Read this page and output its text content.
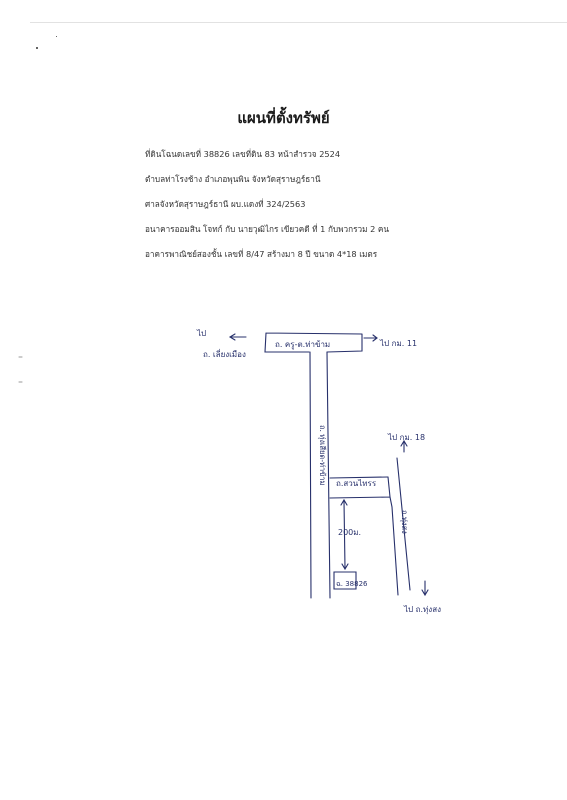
แผนที่ตั้งทรัพย์
ที่ดินโฉนดเลขที่ 38826 เลขที่ดิน 83 หน้าสำรวจ 2524
ตำบลท่าโรงช้าง อำเภอพุนพิน จังหวัดสุราษฎร์ธานี
ศาลจังหวัดสุราษฎร์ธานี ผบ.แดงที่ 324/2563
อนาคารออมสิน โจทก์ กับ นายวุฒิไกร เขียวคดี ที่ 1 กับพวกรวม 2 คน
อาคารพาณิชย์สองชั้น เลขที่ 8/47 สร้างมา 8 ปี ขนาด 4*18 เมตร
ไป
ถ. เลี่ยงเมือง
ถ. ครู-ต.ท่าข้าม	ไป กม. 11
ไป กม. 18
ถ.สวนไทรร
200ม.
ฉ. 38826
ไป ถ.ทุ่งสง
ถ. ทุ่งเสียด-ท่าข้าม
ถ.ทุ่งสง
